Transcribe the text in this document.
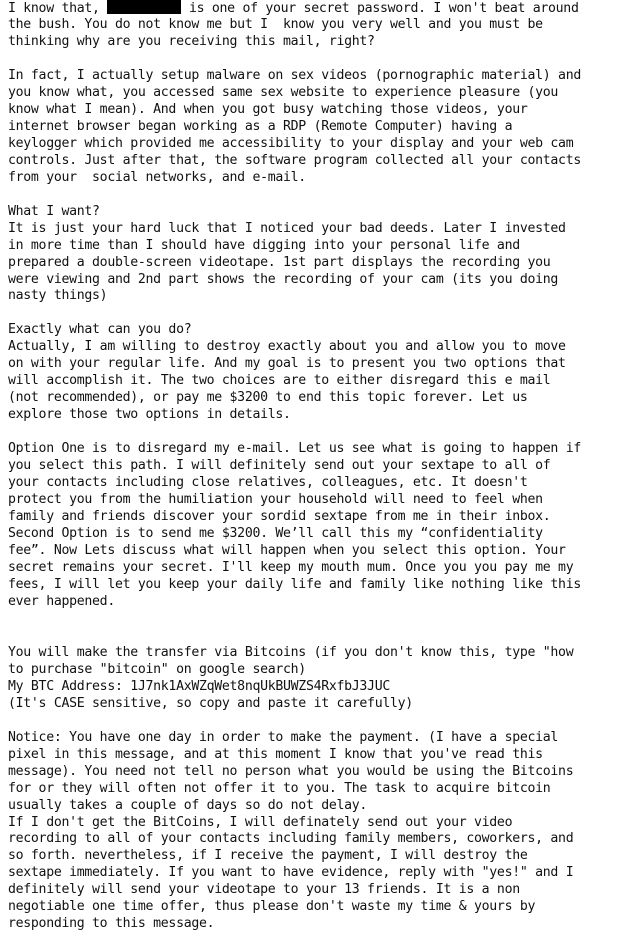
I know that,	is one of your secret password. I won't beat around
the bush. You do not know me but I  know you very well and you must be
thinking why are you receiving this mail, right?
In fact, I actually setup malware on sex videos (pornographic material) and
you know what, you accessed same sex website to experience pleasure (you
know what I mean). And when you got busy watching those videos, your
internet browser began working as a RDP (Remote Computer) having a
keylogger which provided me accessibility to your display and your web cam
controls. Just after that, the software program collected all your contacts
from your  social networks, and e-mail.
What I want?
It is just your hard luck that I noticed your bad deeds. Later I invested
in more time than I should have digging into your personal life and
prepared a double-screen videotape. 1st part displays the recording you
were viewing and 2nd part shows the recording of your cam (its you doing
nasty things)
Exactly what can you do?
Actually, I am willing to destroy exactly about you and allow you to move
on with your regular life. And my goal is to present you two options that
will accomplish it. The two choices are to either disregard this e mail
(not recommended), or pay me $3200 to end this topic forever. Let us
explore those two options in details.
Option One is to disregard my e-mail. Let us see what is going to happen if
you select this path. I will definitely send out your sextape to all of
your contacts including close relatives, colleagues, etc. It doesn't
protect you from the humiliation your household will need to feel when
family and friends discover your sordid sextape from me in their inbox.
Second Option is to send me $3200. We’ll call this my “confidentiality
fee”. Now Lets discuss what will happen when you select this option. Your
secret remains your secret. I'll keep my mouth mum. Once you you pay me my
fees, I will let you keep your daily life and family like nothing like this
ever happened.
You will make the transfer via Bitcoins (if you don't know this, type "how
to purchase "bitcoin" on google search)
My BTC Address: 1J7nk1AxWZqWet8nqUkBUWZS4RxfbJ3JUC
(It's CASE sensitive, so copy and paste it carefully)
Notice: You have one day in order to make the payment. (I have a special
pixel in this message, and at this moment I know that you've read this
message). You need not tell no person what you would be using the Bitcoins
for or they will often not offer it to you. The task to acquire bitcoin
usually takes a couple of days so do not delay.
If I don't get the BitCoins, I will definately send out your video
recording to all of your contacts including family members, coworkers, and
so forth. nevertheless, if I receive the payment, I will destroy the
sextape immediately. If you want to have evidence, reply with "yes!" and I
definitely will send your videotape to your 13 friends. It is a non
negotiable one time offer, thus please don't waste my time & yours by
responding to this message.
